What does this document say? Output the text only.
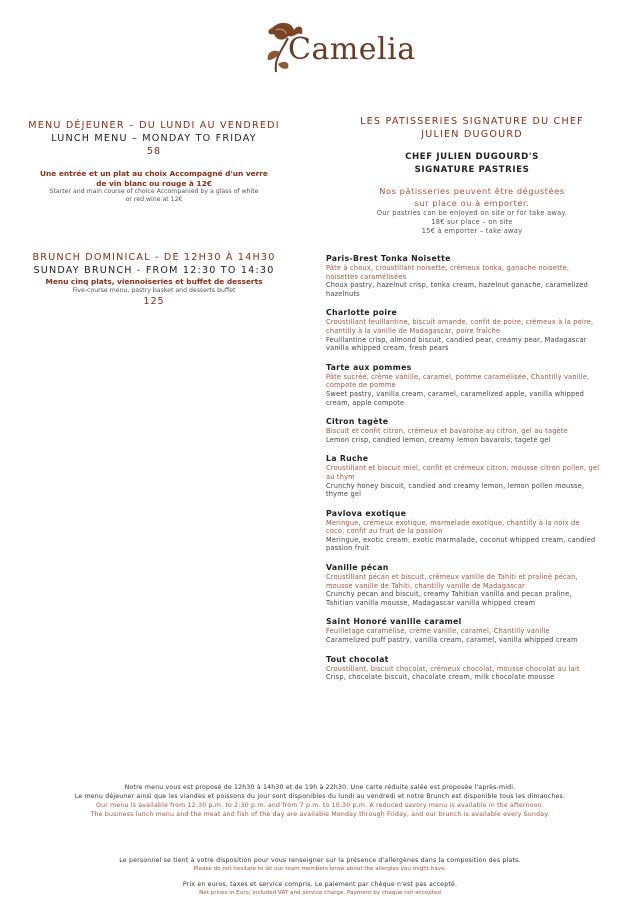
Camelia

MENU DÉJEUNER – DU LUNDI AU VENDREDI

LUNCH MENU – MONDAY TO FRIDAY

58

Une entrée et un plat au choix Accompagné d'un verre

de vin blanc ou rouge à 12€

Starter and main course of choice Accompanied by a glass of white

or red wine at 12€

BRUNCH DOMINICAL - DE 12H30 À 14H30

SUNDAY BRUNCH - FROM 12:30 TO 14:30

Menu cinq plats, viennoiseries et buffet de desserts

Five-course menu, pastry basket and desserts buffet

125

LES PATISSERIES SIGNATURE DU CHEF

JULIEN DUGOURD

CHEF JULIEN DUGOURD'S

SIGNATURE PASTRIES

Nos pâtisseries peuvent être dégustées

sur place ou à emporter.

Our pastries can be enjoyed on site or for take away.

18€ sur place – on site

15€ à emporter – take away

Paris-Brest Tonka Noisette

Pâte à choux, croustillant noisette, crémeux tonka, ganache noisette, noisettes caramélisées

Choux pastry, hazelnut crisp, tonka cream, hazelnut ganache, caramelized hazelnuts

Charlotte poire

Croustillant feuillantine, biscuit amande, confit de poire, crémeux à la poire, chantilly à la vanille de Madagascar, poire fraîche

Feuillantine crisp, almond biscuit, candied pear, creamy pear, Madagascar vanilla whipped cream, fresh pears

Tarte aux pommes

Pâte sucrée, crème vanille, caramel, pomme caramélisée, Chantilly vanille, compote de pomme

Sweet pastry, vanilla cream, caramel, caramelized apple, vanilla whipped cream, apple compote

Citron tagète

Biscuit et confit citron, crémeux et bavaroise au citron, gel au tagète

Lemon crisp, candied lemon, creamy lemon bavarois, tagete gel

La Ruche

Croustillant et biscuit miel, confit et crémeux citron, mousse citron pollen, gel au thym

Crunchy honey biscuit, candied and creamy lemon, lemon pollen mousse, thyme gel

Pavlova exotique

Meringue, crémeux exotique, marmelade exotique, chantilly à la noix de coco, confit au fruit de la passion

Meringue, exotic cream, exotic marmalade, coconut whipped cream, candied passion fruit

Vanille pécan

Croustillant pécan et biscuit, crémeux vanille de Tahiti et praliné pécan, mousse vanille de Tahiti, chantilly vanille de Madagascar

Crunchy pecan and biscuit, creamy Tahitian vanilla and pecan praline, Tahitian vanilla mousse, Madagascar vanilla whipped cream

Saint Honoré vanille caramel

Feuilletage caramélisé, crème vanille, caramel, Chantilly vanille

Caramelized puff pastry, vanilla cream, caramel, vanilla whipped cream

Tout chocolat

Croustillant, biscuit chocolat, crémeux chocolat, mousse chocolat au lait

Crisp, chocolate biscuit, chocolate cream, milk chocolate mousse

Notre menu vous est proposé de 12h30 à 14h30 et de 19h à 22h30. Une carte réduite salée est proposée l'après-midi.

Le menu déjeuner ainsi que les viandes et poissons du jour sont disponibles du lundi au vendredi et notre Brunch est disponible tous les dimanches.

Our menu is available from 12:30 p.m. to 2:30 p.m. and from 7 p.m. to 10:30 p.m. A reduced savory menu is available in the afternoon.

The business lunch menu and the meat and fish of the day are available Monday through Friday, and our brunch is available every Sunday.

Le personnel se tient à votre disposition pour vous renseigner sur la présence d'allergènes dans la composition des plats.

Please do not hesitate to let our team members know about the allergies you might have.

Prix en euros, taxes et service compris. Le paiement par chèque n'est pas accepté.

Net prices in Euro, included VAT and service charge. Payment by cheque not accepted
